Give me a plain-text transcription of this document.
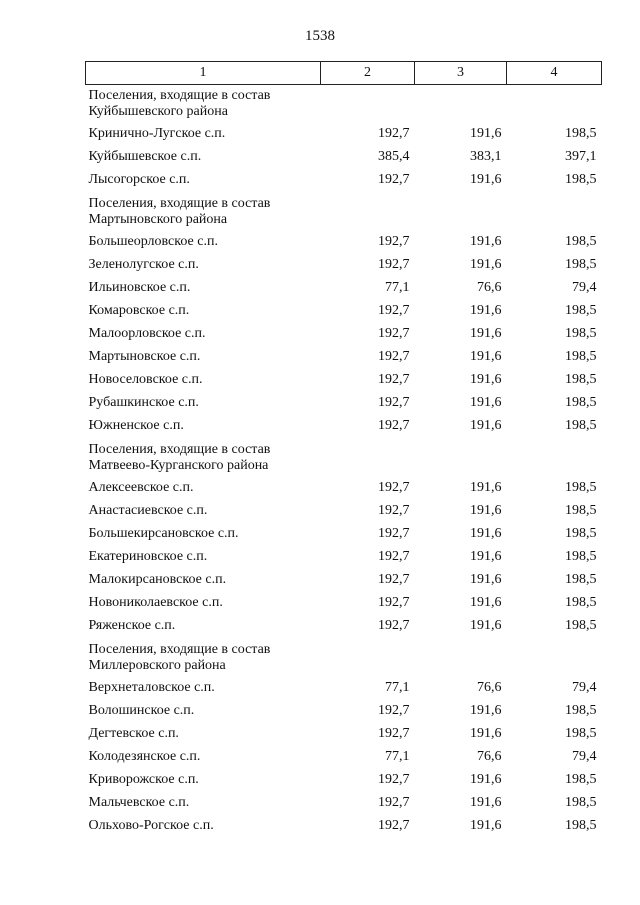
1538
1	2	3	4

Поселения, входящие в состав Куйбышевского района			

Кринично-Лугское с.п.	192,7	191,6	198,5
Куйбышевское с.п.	385,4	383,1	397,1
Лысогорское с.п.	192,7	191,6	198,5

Поселения, входящие в состав Мартыновского района			

Большеорловское с.п.	192,7	191,6	198,5
Зеленолугское с.п.	192,7	191,6	198,5
Ильиновское с.п.	77,1	76,6	79,4
Комаровское с.п.	192,7	191,6	198,5
Малоорловское с.п.	192,7	191,6	198,5
Мартыновское с.п.	192,7	191,6	198,5
Новоселовское с.п.	192,7	191,6	198,5
Рубашкинское с.п.	192,7	191,6	198,5
Южненское с.п.	192,7	191,6	198,5

Поселения, входящие в состав Матвеево-Курганского района			

Алексеевское с.п.	192,7	191,6	198,5
Анастасиевское с.п.	192,7	191,6	198,5
Большекирсановское с.п.	192,7	191,6	198,5
Екатериновское с.п.	192,7	191,6	198,5
Малокирсановское с.п.	192,7	191,6	198,5
Новониколаевское с.п.	192,7	191,6	198,5
Ряженское с.п.	192,7	191,6	198,5

Поселения, входящие в состав Миллеровского района			

Верхнеталовское с.п.	77,1	76,6	79,4
Волошинское с.п.	192,7	191,6	198,5
Дегтевское с.п.	192,7	191,6	198,5
Колодезянское с.п.	77,1	76,6	79,4
Криворожское с.п.	192,7	191,6	198,5
Мальчевское с.п.	192,7	191,6	198,5
Ольхово-Рогское с.п.	192,7	191,6	198,5
